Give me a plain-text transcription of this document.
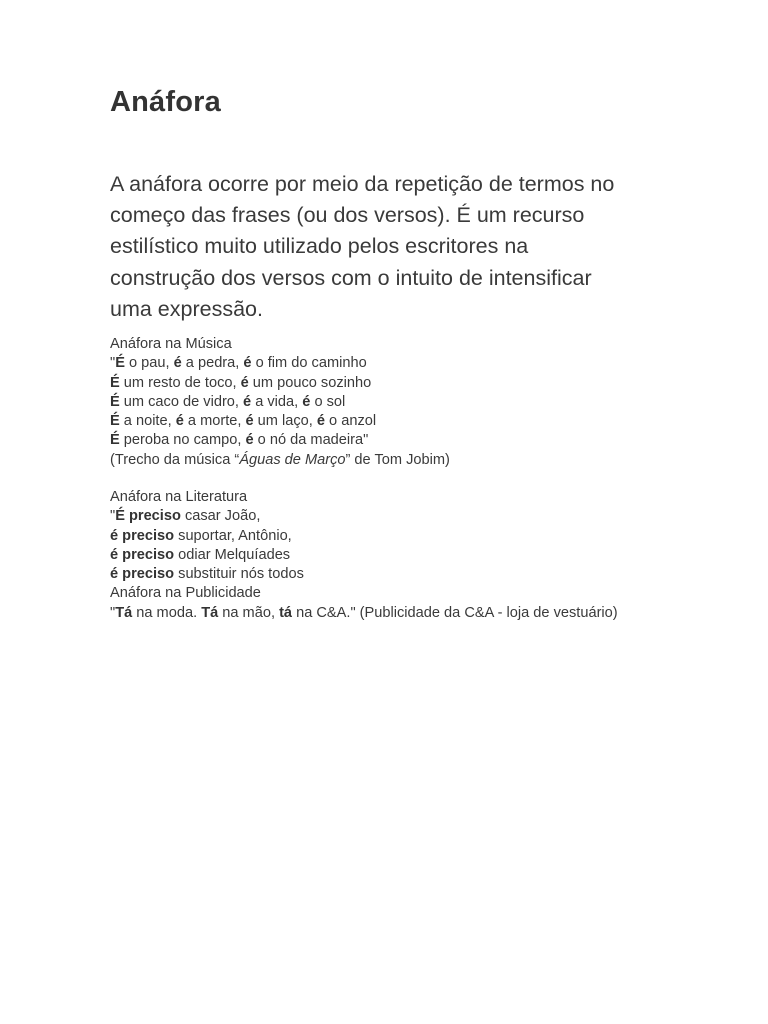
Anáfora

A anáfora ocorre por meio da repetição de termos no
começo das frases (ou dos versos). É um recurso
estilístico muito utilizado pelos escritores na
construção dos versos com o intuito de intensificar
uma expressão.

Anáfora na Música
"É o pau, é a pedra, é o fim do caminho
É um resto de toco, é um pouco sozinho
É um caco de vidro, é a vida, é o sol
É a noite, é a morte, é um laço, é o anzol
É peroba no campo, é o nó da madeira"
(Trecho da música “Águas de Março” de Tom Jobim)
Anáfora na Literatura
"É preciso casar João,
é preciso suportar, Antônio,
é preciso odiar Melquíades
é preciso substituir nós todos
Anáfora na Publicidade
"Tá na moda. Tá na mão, tá na C&A." (Publicidade da C&A - loja de vestuário)
